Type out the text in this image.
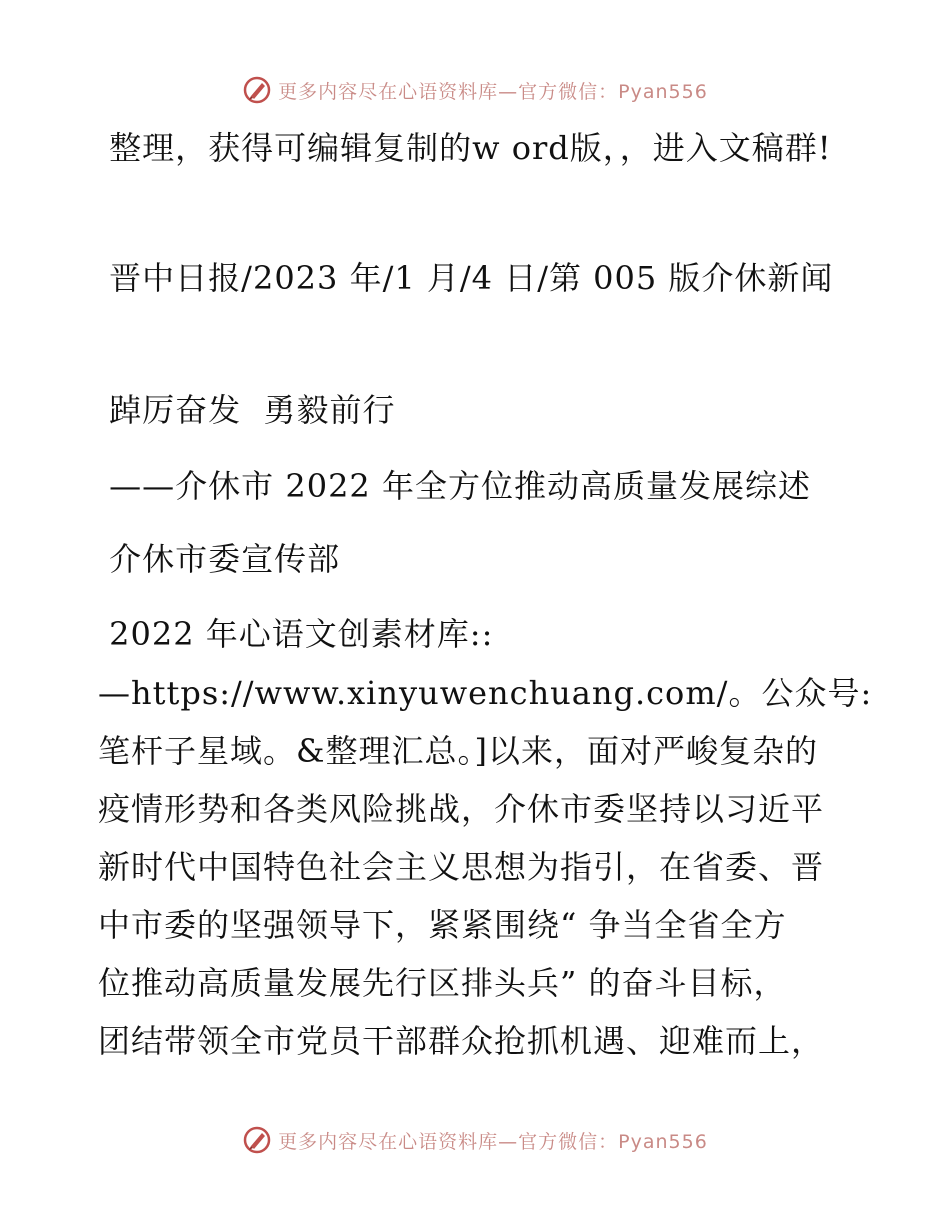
更多内容尽在心语资料库—官方微信：Pyan556
整理，获得可编辑复制的w ord版，，进入文稿群!
晋中日报/2023 年/1 月/4 日/第 005 版介休新闻
踔厉奋发  勇毅前行
——介休市 2022 年全方位推动高质量发展综述
介休市委宣传部
2022 年心语文创素材库::
—https://www.xinyuwenchuang.com/。公众号:
笔杆子星域。&整理汇总。]以来，面对严峻复杂的
疫情形势和各类风险挑战，介休市委坚持以习近平
新时代中国特色社会主义思想为指引，在省委、晋
中市委的坚强领导下，紧紧围绕“ 争当全省全方
位推动高质量发展先行区排头兵” 的奋斗目标，
团结带领全市党员干部群众抢抓机遇、迎难而上，
更多内容尽在心语资料库—官方微信：Pyan556
